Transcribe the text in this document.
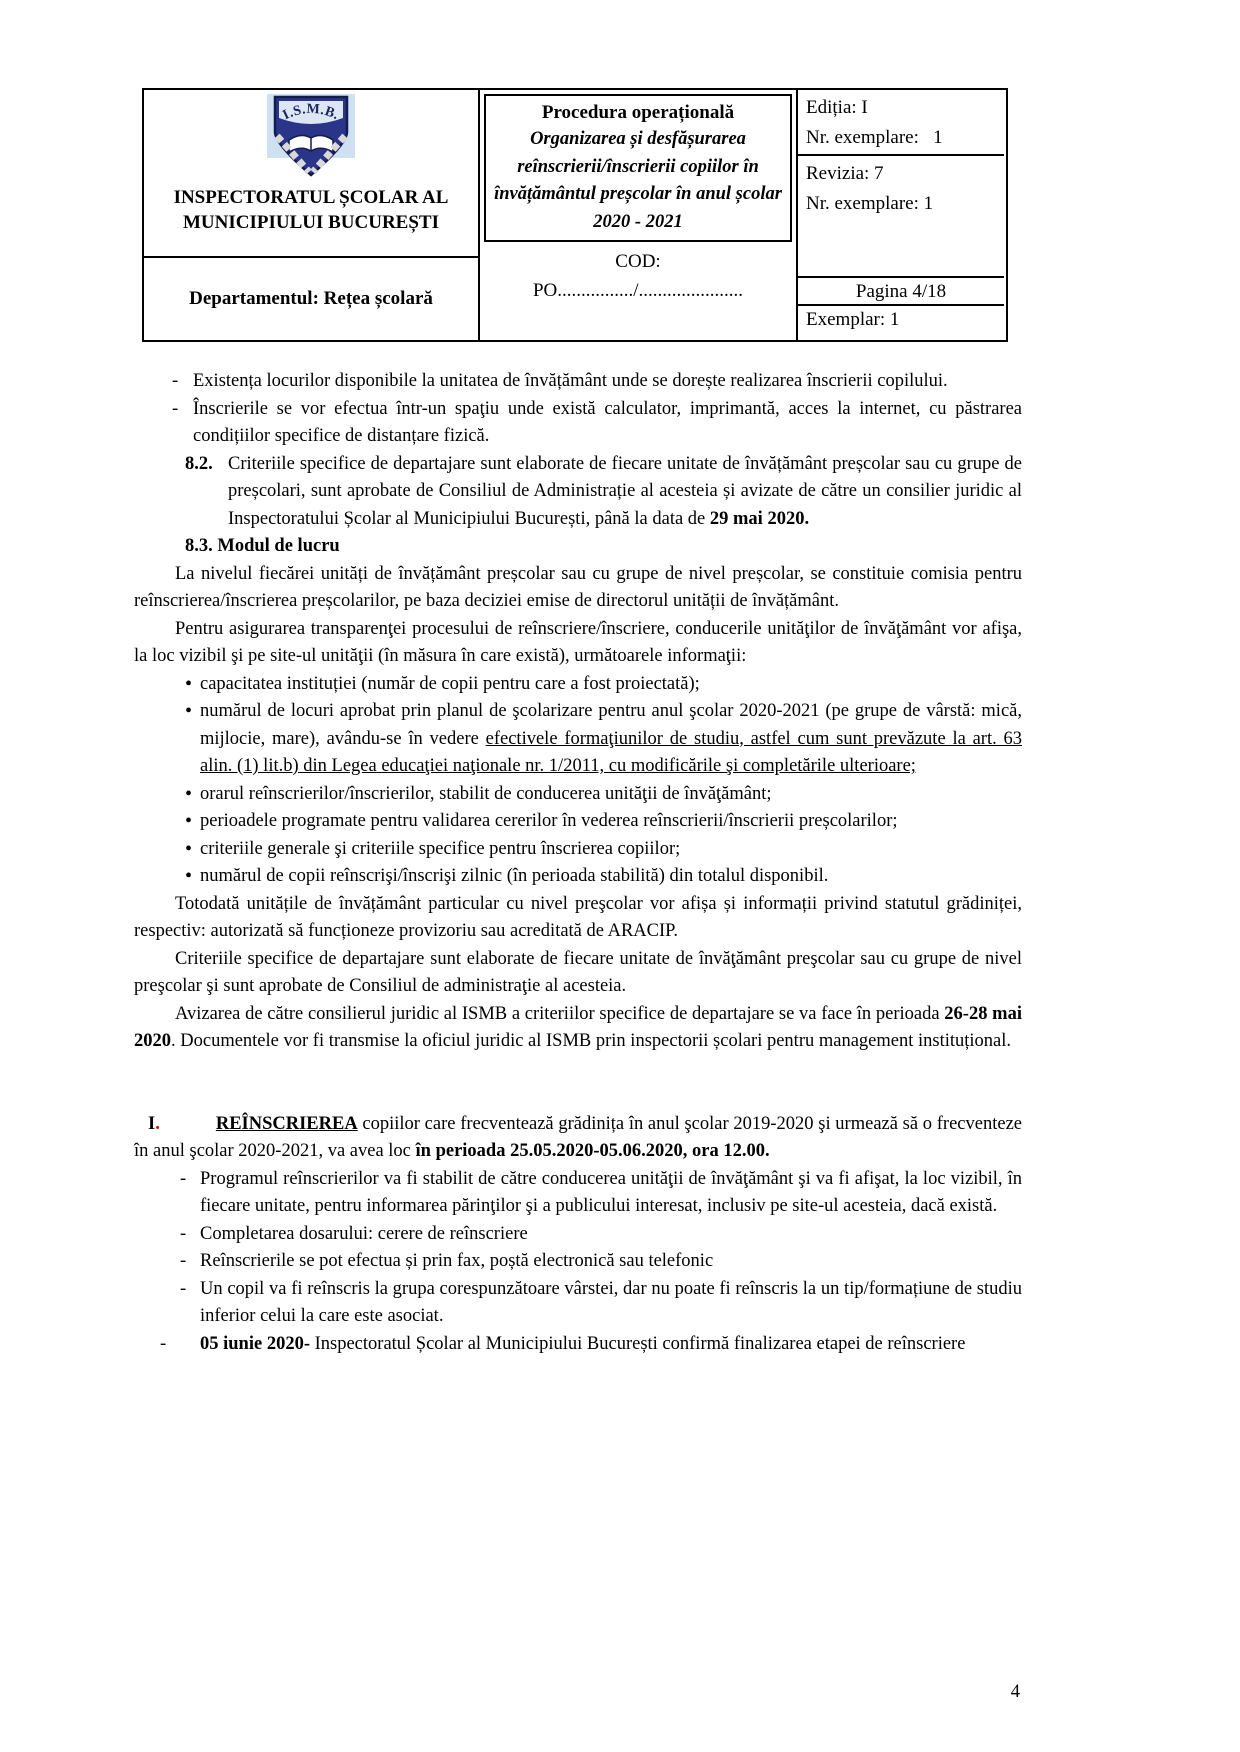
I.S.M.B.
INSPECTORATUL ȘCOLAR AL MUNICIPIULUI BUCUREȘTI
Departamentul: Rețea școlară
Procedura operațională
Organizarea și desfășurarea reînscrierii/înscrierii copiilor în învățământul preșcolar în anul școlar 2020 - 2021
COD:
PO................/......................
Ediția: I
Nr. exemplare:   1
Revizia: 7
Nr. exemplare: 1
Pagina 4/18
Exemplar: 1
- Existența locurilor disponibile la unitatea de învățământ unde se dorește realizarea înscrierii copilului.
- Înscrierile se vor efectua într-un spaţiu unde există calculator, imprimantă, acces la internet, cu păstrarea condițiilor specifice de distanțare fizică.
8.2. Criteriile specifice de departajare sunt elaborate de fiecare unitate de învățământ preșcolar sau cu grupe de preșcolari, sunt aprobate de Consiliul de Administrație al acesteia și avizate de către un consilier juridic al Inspectoratului Școlar al Municipiului București, până la data de 29 mai 2020.
8.3. Modul de lucru
La nivelul fiecărei unități de învățământ preșcolar sau cu grupe de nivel preșcolar, se constituie comisia pentru reînscrierea/înscrierea preșcolarilor, pe baza deciziei emise de directorul unității de învățământ.
Pentru asigurarea transparenţei procesului de reînscriere/înscriere, conducerile unităţilor de învăţământ vor afişa, la loc vizibil şi pe site-ul unităţii (în măsura în care există), următoarele informaţii:
• capacitatea instituției (număr de copii pentru care a fost proiectată);
• numărul de locuri aprobat prin planul de şcolarizare pentru anul şcolar 2020-2021 (pe grupe de vârstă: mică, mijlocie, mare), avându-se în vedere efectivele formaţiunilor de studiu, astfel cum sunt prevăzute la art. 63 alin. (1) lit.b) din Legea educaţiei naţionale nr. 1/2011, cu modificările şi completările ulterioare;
• orarul reînscrierilor/înscrierilor, stabilit de conducerea unităţii de învăţământ;
• perioadele programate pentru validarea cererilor în vederea reînscrierii/înscrierii preșcolarilor;
• criteriile generale şi criteriile specifice pentru înscrierea copiilor;
• numărul de copii reînscrişi/înscrişi zilnic (în perioada stabilită) din totalul disponibil.
Totodată unitățile de învățământ particular cu nivel preşcolar vor afișa și informații privind statutul grădiniței, respectiv: autorizată să funcționeze provizoriu sau acreditată de ARACIP.
Criteriile specifice de departajare sunt elaborate de fiecare unitate de învăţământ preşcolar sau cu grupe de nivel preşcolar şi sunt aprobate de Consiliul de administraţie al acesteia.
Avizarea de către consilierul juridic al ISMB a criteriilor specifice de departajare se va face în perioada 26-28 mai 2020. Documentele vor fi transmise la oficiul juridic al ISMB prin inspectorii școlari pentru management instituțional.
I.	REÎNSCRIEREA copiilor care frecventează grădinița în anul şcolar 2019-2020 şi urmează să o frecventeze în anul şcolar 2020-2021, va avea loc în perioada 25.05.2020-05.06.2020, ora 12.00.
- Programul reînscrierilor va fi stabilit de către conducerea unităţii de învăţământ şi va fi afişat, la loc vizibil, în fiecare unitate, pentru informarea părinţilor şi a publicului interesat, inclusiv pe site-ul acesteia, dacă există.
- Completarea dosarului: cerere de reînscriere
- Reînscrierile se pot efectua și prin fax, poștă electronică sau telefonic
- Un copil va fi reînscris la grupa corespunzătoare vârstei, dar nu poate fi reînscris la un tip/formațiune de studiu inferior celui la care este asociat.
- 05 iunie 2020- Inspectoratul Școlar al Municipiului București confirmă finalizarea etapei de reînscriere
4
